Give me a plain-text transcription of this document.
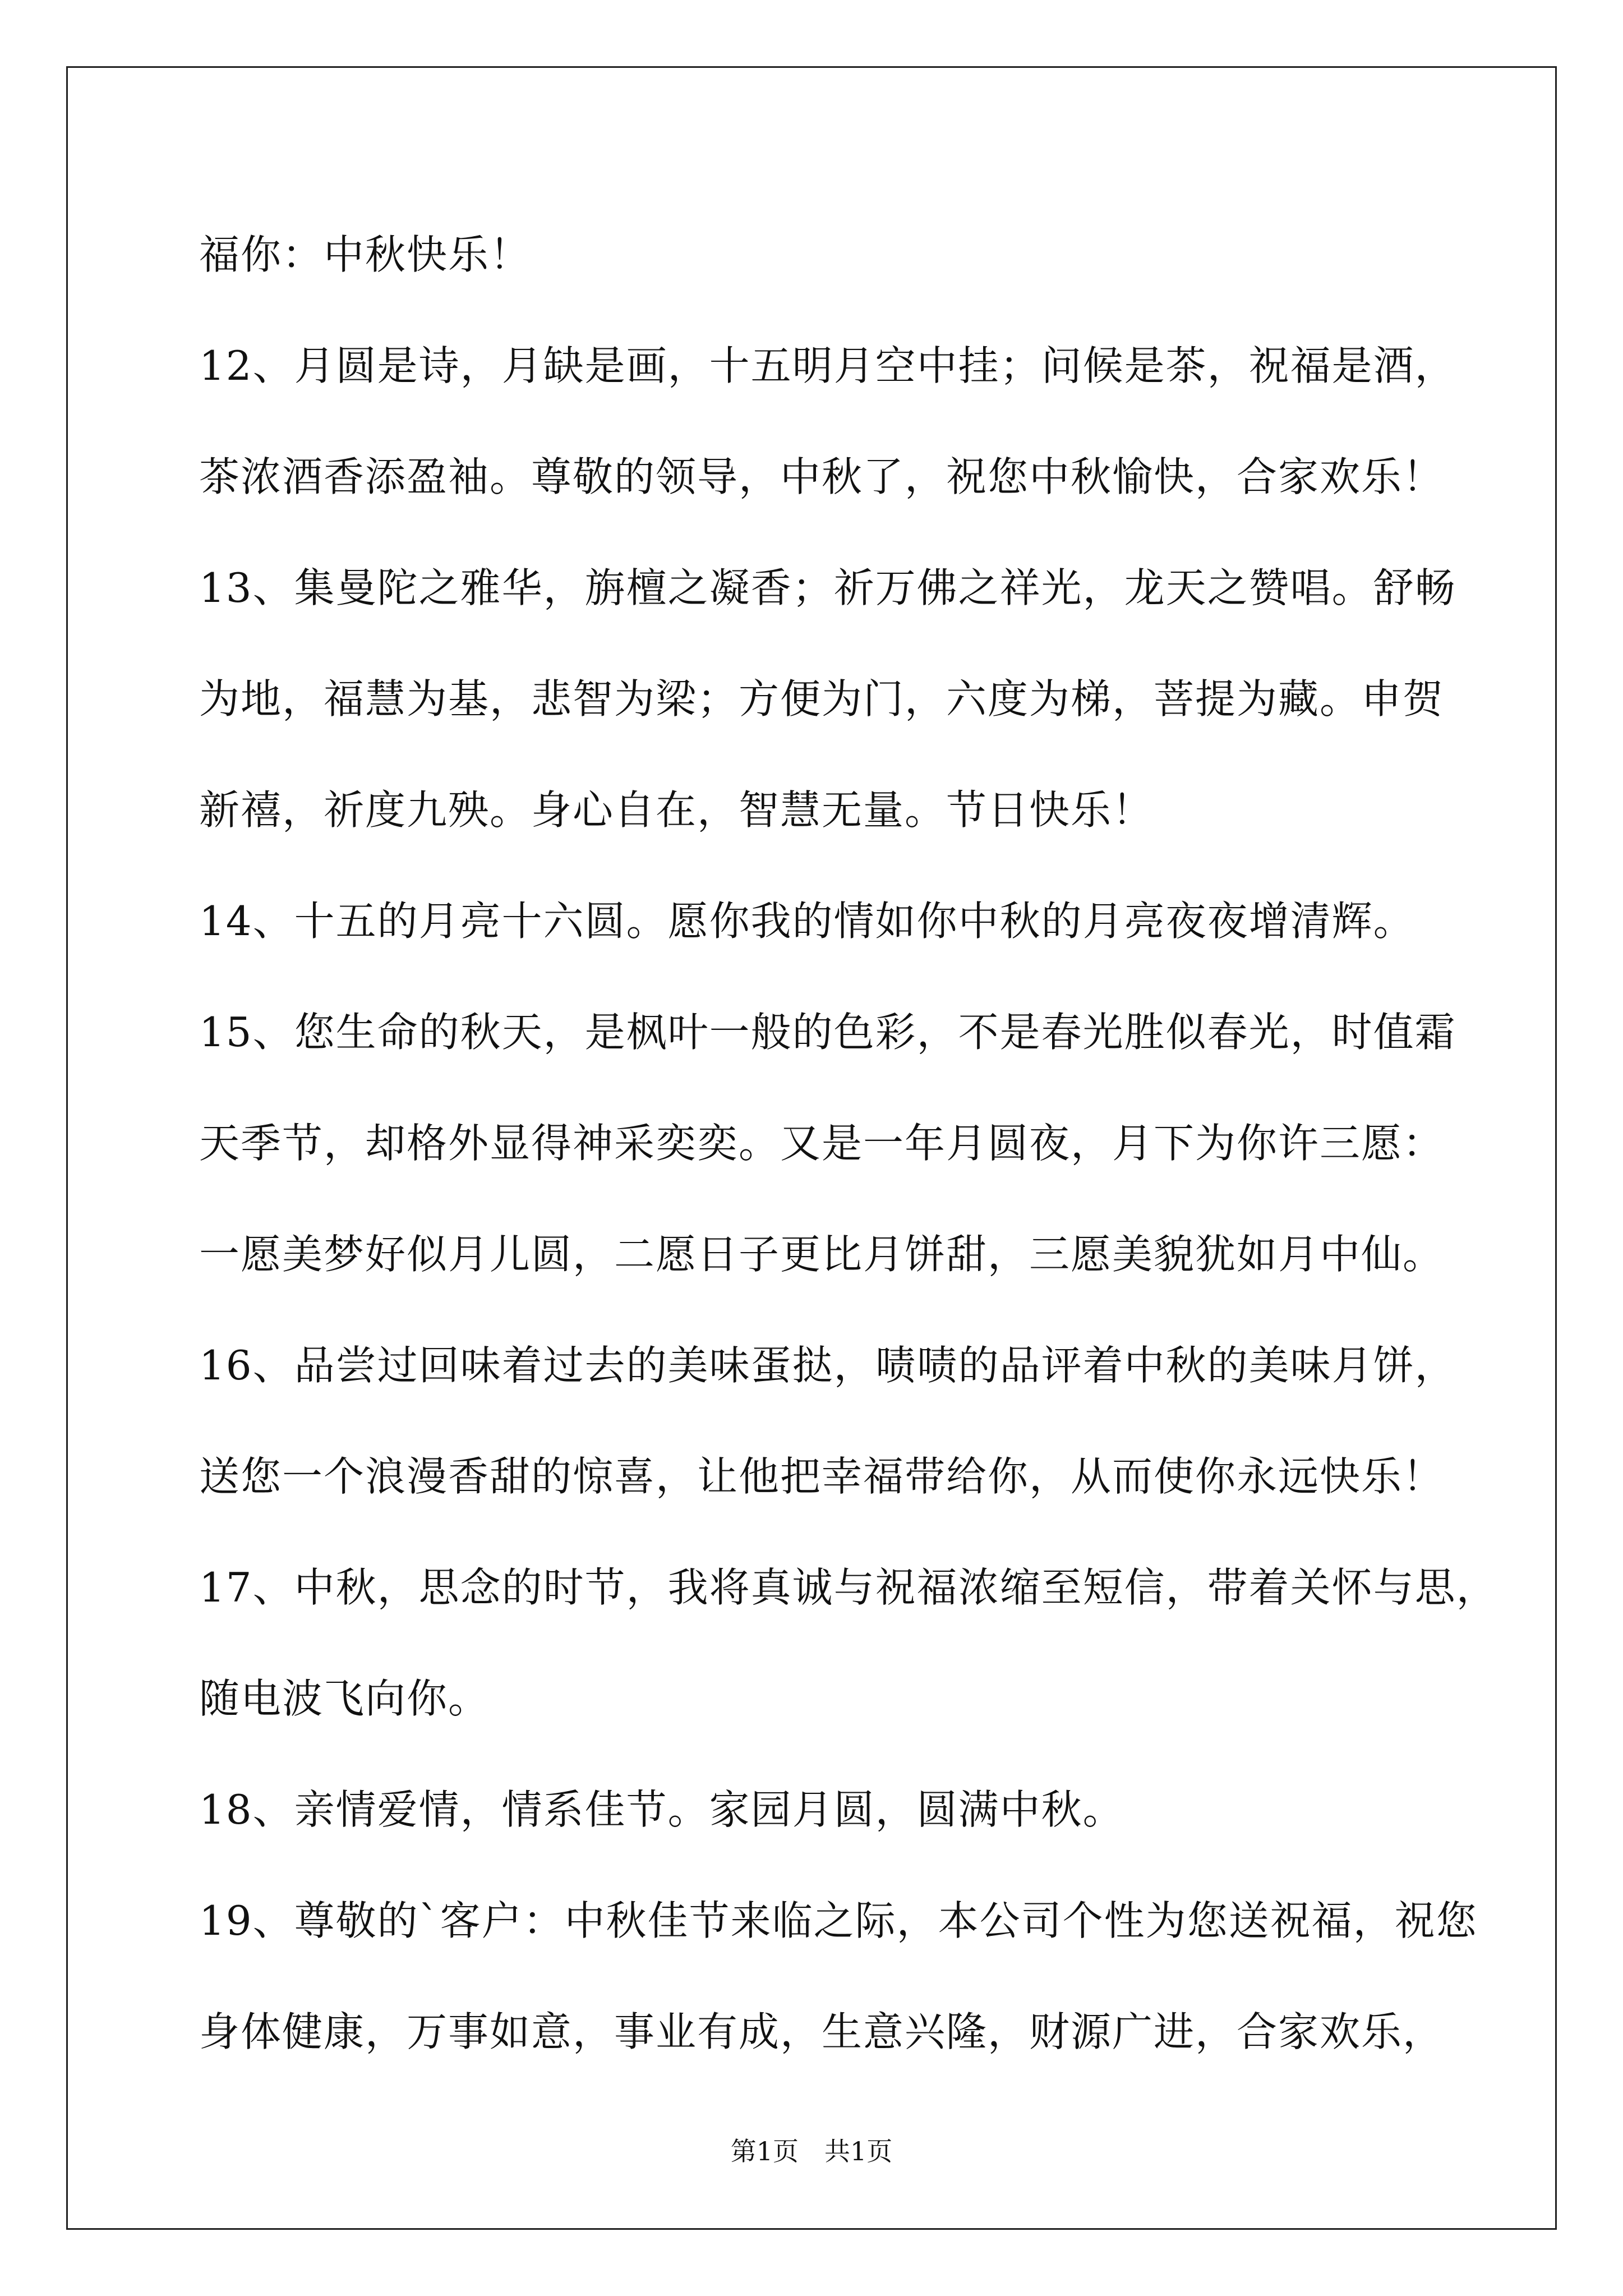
福你：中秋快乐！
12、月圆是诗，月缺是画，十五明月空中挂；问候是茶，祝福是酒，
茶浓酒香添盈袖。尊敬的领导，中秋了，祝您中秋愉快，合家欢乐！
13、集曼陀之雅华，旃檀之凝香；祈万佛之祥光，龙天之赞唱。舒畅
为地，福慧为基，悲智为梁；方便为门，六度为梯，菩提为藏。申贺
新禧，祈度九殃。身心自在，智慧无量。节日快乐！
14、十五的月亮十六圆。愿你我的情如你中秋的月亮夜夜增清辉。
15、您生命的秋天，是枫叶一般的色彩，不是春光胜似春光，时值霜
天季节，却格外显得神采奕奕。又是一年月圆夜，月下为你许三愿：
一愿美梦好似月儿圆，二愿日子更比月饼甜，三愿美貌犹如月中仙。
16、品尝过回味着过去的美味蛋挞，啧啧的品评着中秋的美味月饼，
送您一个浪漫香甜的惊喜，让他把幸福带给你，从而使你永远快乐！
17、中秋，思念的时节，我将真诚与祝福浓缩至短信，带着关怀与思，
随电波飞向你。
18、亲情爱情，情系佳节。家园月圆，圆满中秋。
19、尊敬的`客户：中秋佳节来临之际，本公司个性为您送祝福，祝您
身体健康，万事如意，事业有成，生意兴隆，财源广进，合家欢乐，
第1页　共1页
